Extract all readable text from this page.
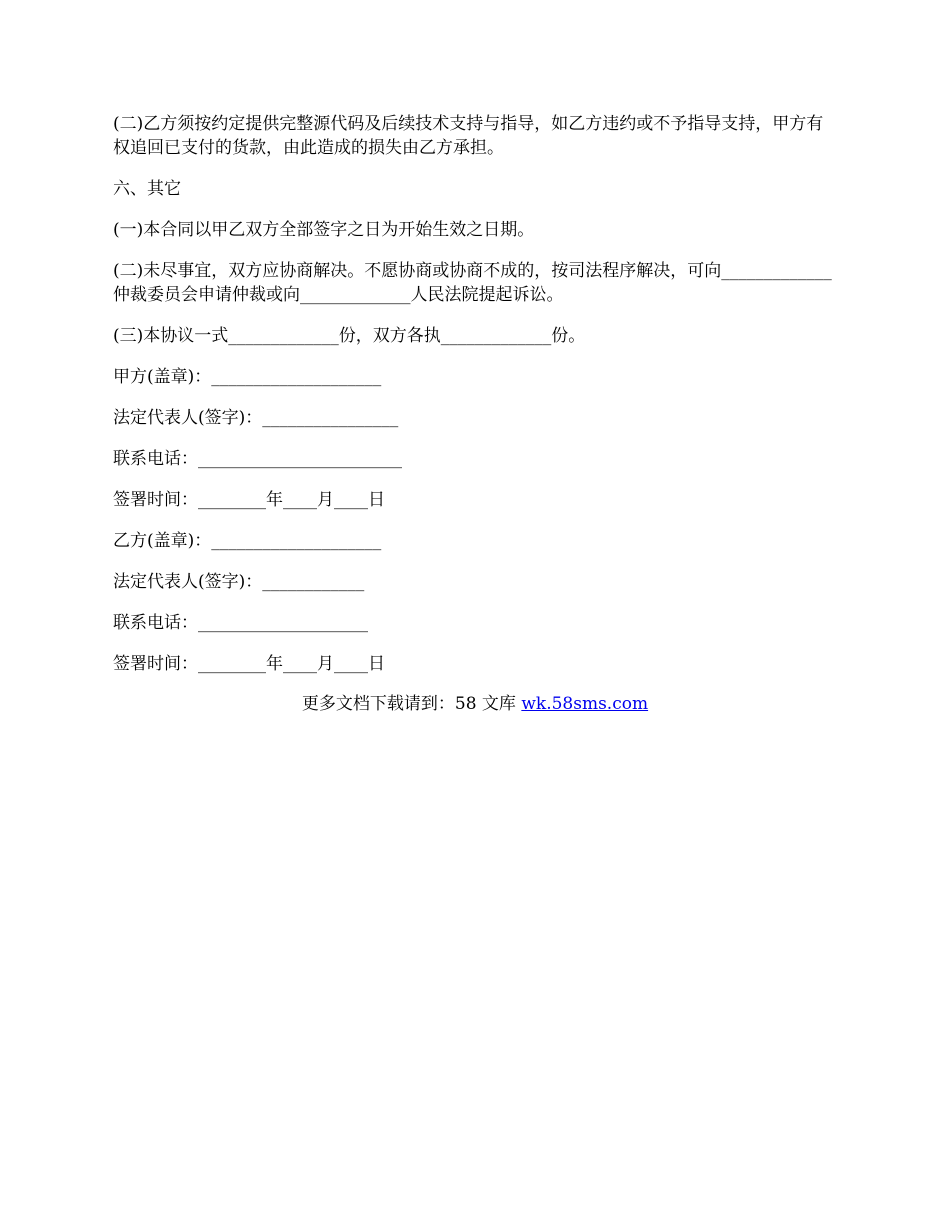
(二)乙方须按约定提供完整源代码及后续技术支持与指导，如乙方违约或不予指导支持，甲方有权追回已支付的货款，由此造成的损失由乙方承担。

六、其它

(一)本合同以甲乙双方全部签字之日为开始生效之日期。

(二)未尽事宜，双方应协商解决。不愿协商或协商不成的，按司法程序解决，可向_____________仲裁委员会申请仲裁或向_____________人民法院提起诉讼。

(三)本协议一式_____________份，双方各执_____________份。

甲方(盖章)：____________________

法定代表人(签字)：________________

联系电话：________________________

签署时间：________年____月____日

乙方(盖章)：____________________

法定代表人(签字)：____________

联系电话：____________________

签署时间：________年____月____日

更多文档下载请到：58 文库 wk.58sms.com
